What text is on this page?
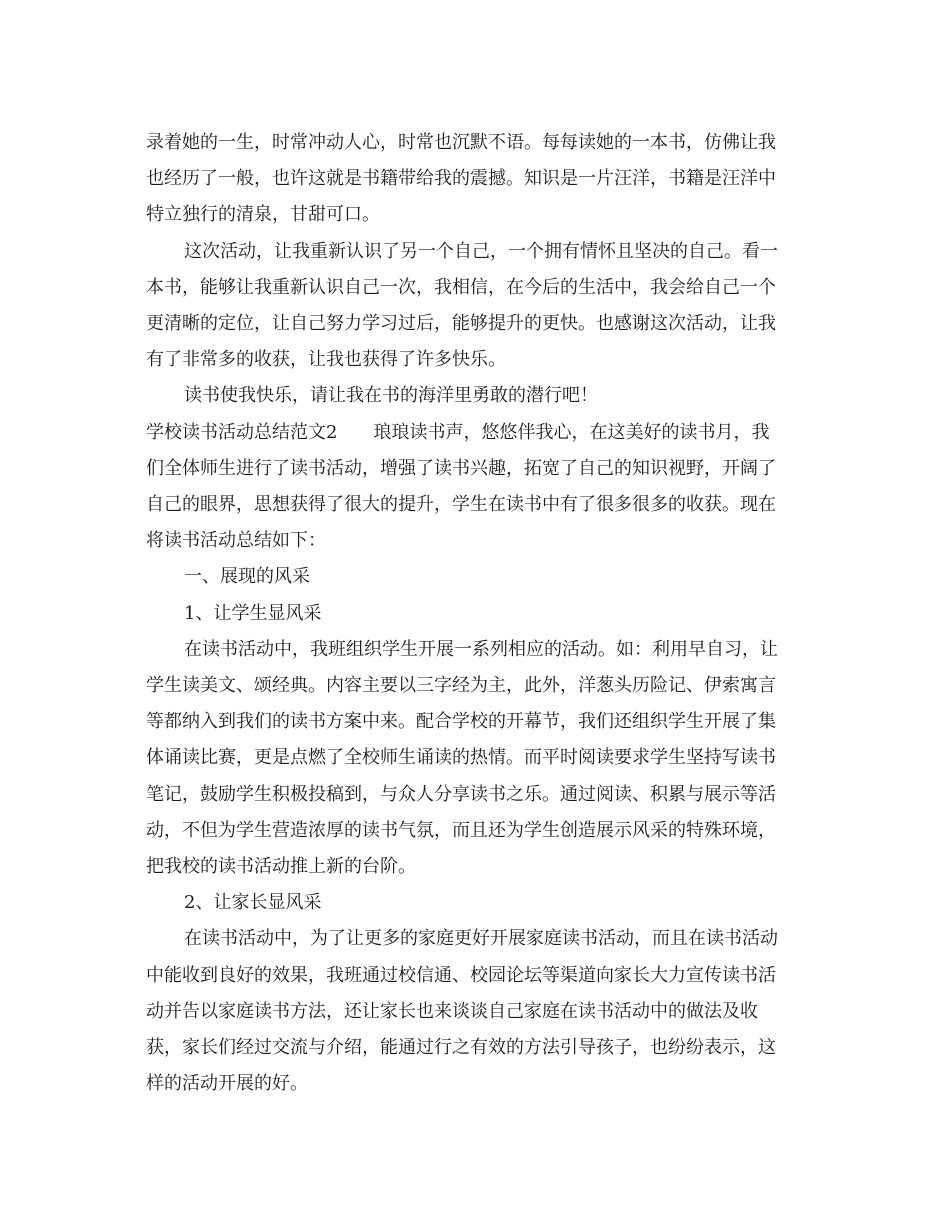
录着她的一生，时常冲动人心，时常也沉默不语。每每读她的一本书，仿佛让我
也经历了一般，也许这就是书籍带给我的震撼。知识是一片汪洋，书籍是汪洋中
特立独行的清泉，甘甜可口。

这次活动，让我重新认识了另一个自己，一个拥有情怀且坚决的自己。看一
本书，能够让我重新认识自己一次，我相信，在今后的生活中，我会给自己一个
更清晰的定位，让自己努力学习过后，能够提升的更快。也感谢这次活动，让我
有了非常多的收获，让我也获得了许多快乐。

读书使我快乐，请让我在书的海洋里勇敢的潜行吧！

学校读书活动总结范文2　　琅琅读书声，悠悠伴我心，在这美好的读书月，我
们全体师生进行了读书活动，增强了读书兴趣，拓宽了自己的知识视野，开阔了
自己的眼界，思想获得了很大的提升，学生在读书中有了很多很多的收获。现在
将读书活动总结如下：

一、展现的风采

1、让学生显风采

在读书活动中，我班组织学生开展一系列相应的活动。如：利用早自习，让
学生读美文、颂经典。内容主要以三字经为主，此外，洋葱头历险记、伊索寓言
等都纳入到我们的读书方案中来。配合学校的开幕节，我们还组织学生开展了集
体诵读比赛，更是点燃了全校师生诵读的热情。而平时阅读要求学生坚持写读书
笔记，鼓励学生积极投稿到，与众人分享读书之乐。通过阅读、积累与展示等活
动，不但为学生营造浓厚的读书气氛，而且还为学生创造展示风采的特殊环境，
把我校的读书活动推上新的台阶。

2、让家长显风采

在读书活动中，为了让更多的家庭更好开展家庭读书活动，而且在读书活动
中能收到良好的效果，我班通过校信通、校园论坛等渠道向家长大力宣传读书活
动并告以家庭读书方法，还让家长也来谈谈自己家庭在读书活动中的做法及收
获，家长们经过交流与介绍，能通过行之有效的方法引导孩子，也纷纷表示，这
样的活动开展的好。
